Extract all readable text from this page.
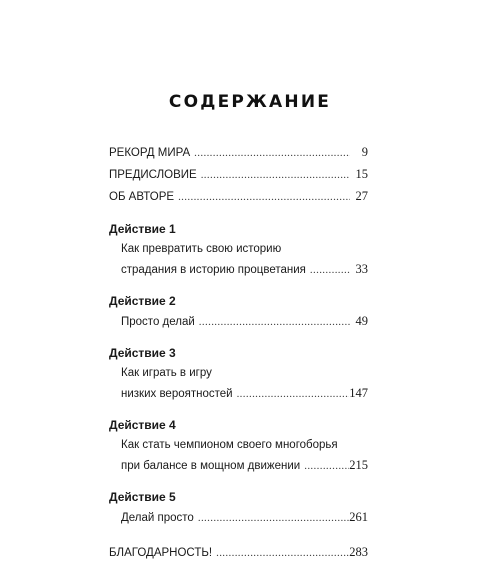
СОДЕРЖАНИЕ
РЕКОРД МИРА . . .	9
ПРЕДИСЛОВИЕ . . .	15
ОБ АВТОРЕ . . .	27
Действие 1
Как превратить свою историю
страдания в историю процветания . . .	33
Действие 2
Просто делай . . .	49
Действие 3
Как играть в игру
низких вероятностей . . .	147
Действие 4
Как стать чемпионом своего многоборья
при балансе в мощном движении . . .	215
Действие 5
Делай просто . . .	261
БЛАГОДАРНОСТЬ! . . .	283
